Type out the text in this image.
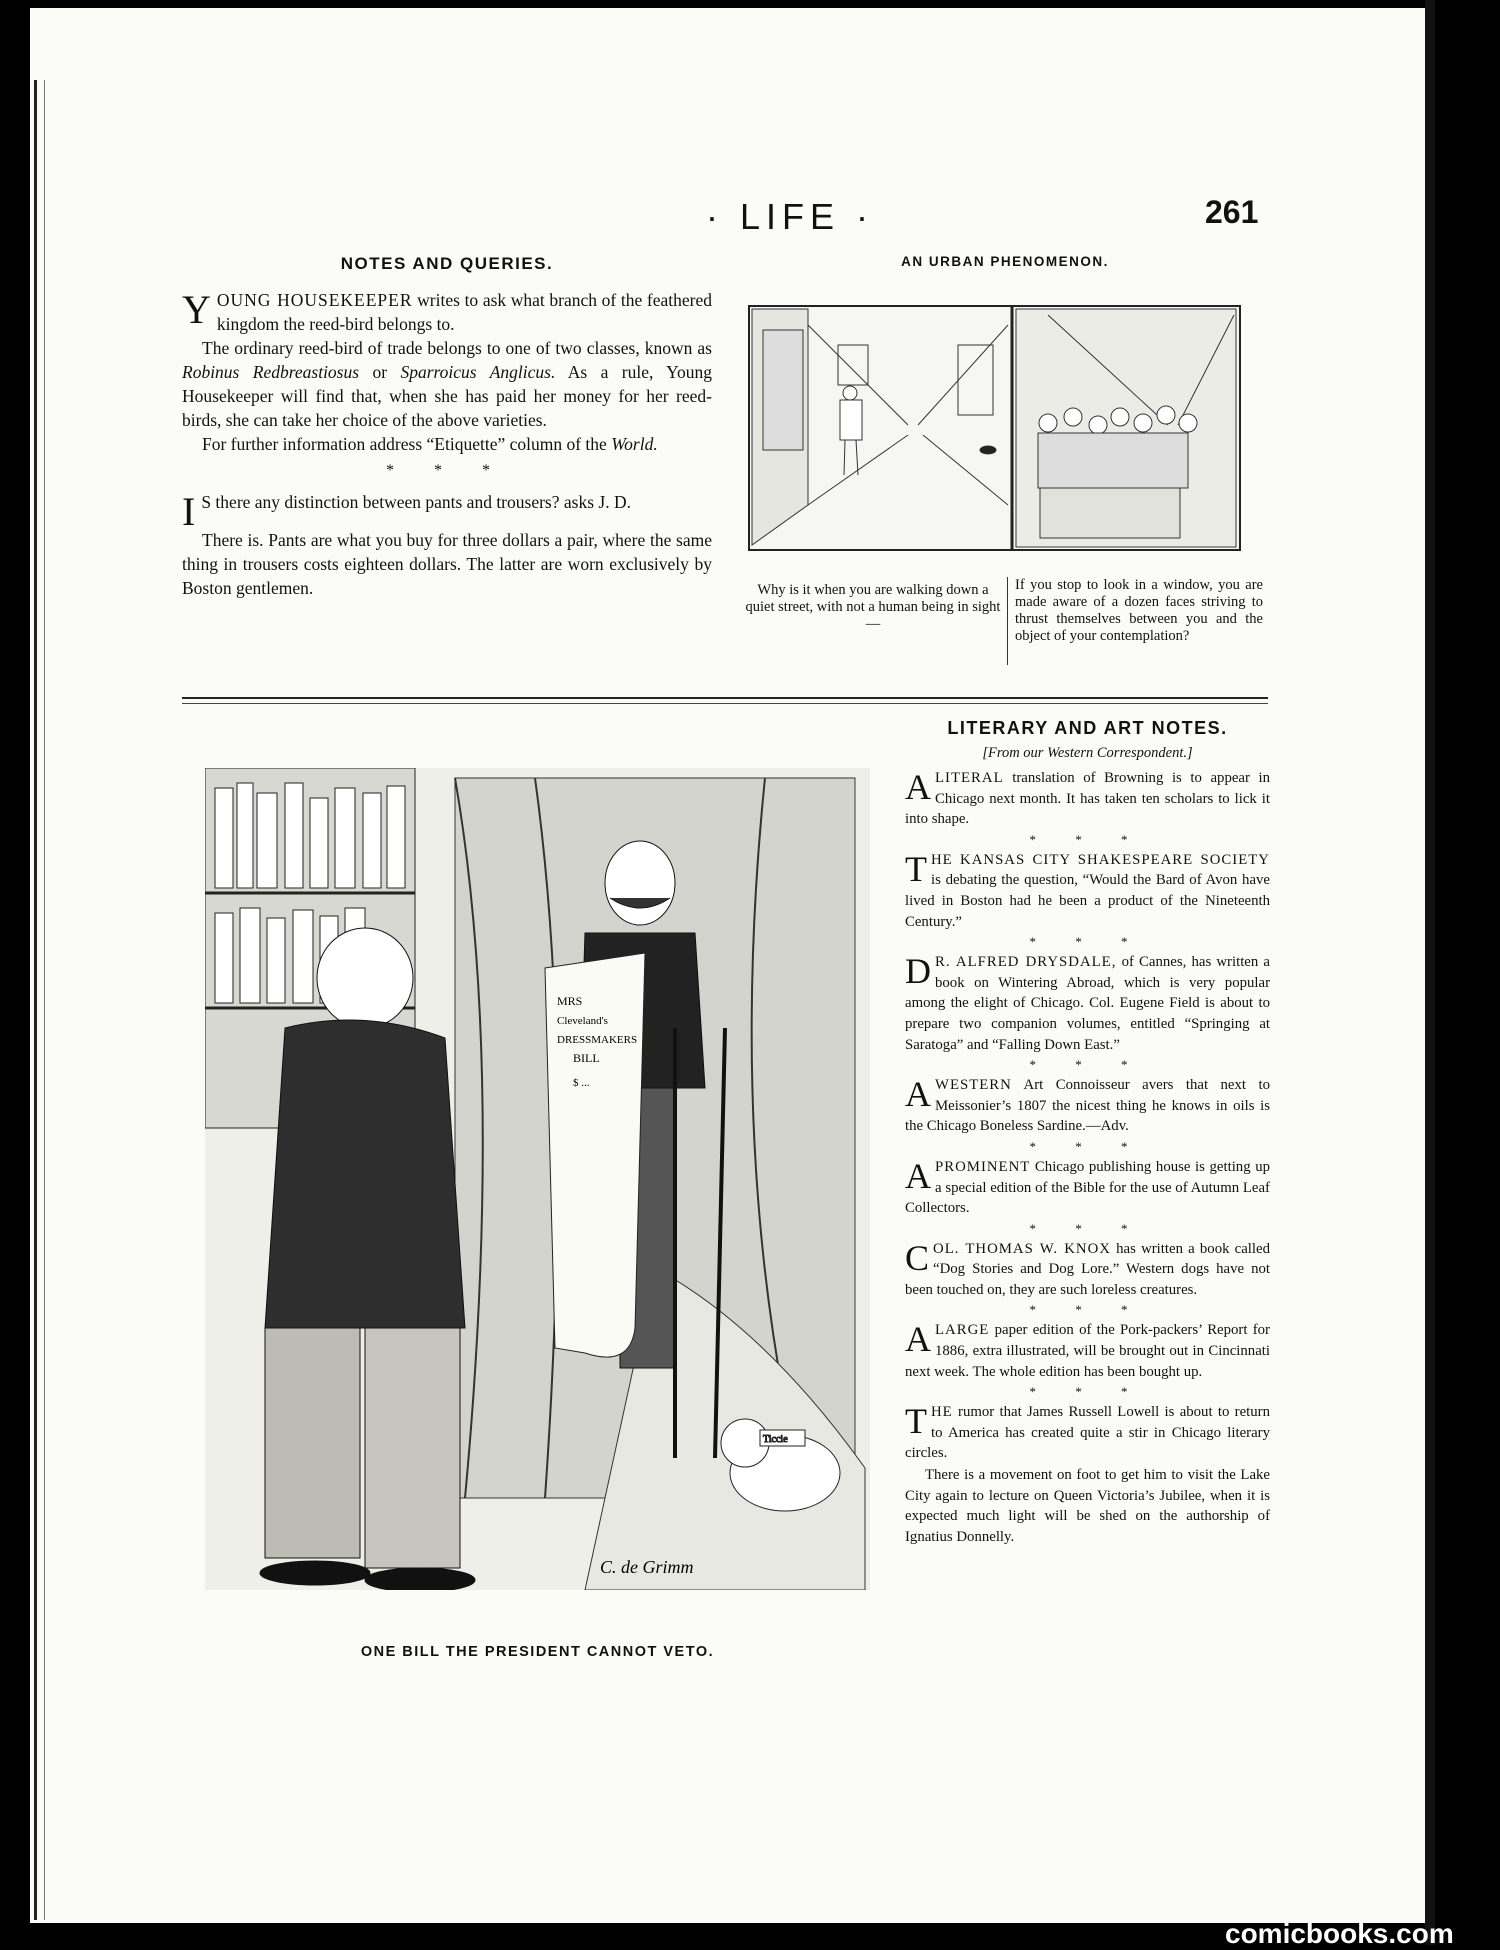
· LIFE ·	261
NOTES AND QUERIES.
YOUNG HOUSEKEEPER writes to ask what branch of the feathered kingdom the reed-bird belongs to.
The ordinary reed-bird of trade belongs to one of two classes, known as Robinus Redbreastiosus or Sparroicus Anglicus. As a rule, Young Housekeeper will find that, when she has paid her money for her reed-birds, she can take her choice of the above varieties.
For further information address “Etiquette” column of the World.
* * *
I S there any distinction between pants and trousers? asks J. D.
There is. Pants are what you buy for three dollars a pair, where the same thing in trousers costs eighteen dollars. The latter are worn exclusively by Boston gentlemen.
AN URBAN PHENOMENON.
Why is it when you are walking down a quiet street, with not a human being in sight—
If you stop to look in a window, you are made aware of a dozen faces striving to thrust themselves between you and the object of your contemplation?
MRS
Cleveland's
DRESSMAKERS
BILL
$ ...
Ticcie
C. de Grimm
ONE BILL THE PRESIDENT CANNOT VETO.
LITERARY AND ART NOTES.
[From our Western Correspondent.]
ALITERAL translation of Browning is to appear in Chicago next month. It has taken ten scholars to lick it into shape.
* * *
THE KANSAS CITY SHAKESPEARE SOCIETY is debating the question, “Would the Bard of Avon have lived in Boston had he been a product of the Nineteenth Century.”
* * *
D R. ALFRED DRYSDALE, of Cannes, has written a book on Wintering Abroad, which is very popular among the elight of Chicago. Col. Eugene Field is about to prepare two companion volumes, entitled “Springing at Saratoga” and “Falling Down East.”
* * *
AWESTERN Art Connoisseur avers that next to Meissonier’s 1807 the nicest thing he knows in oils is the Chicago Boneless Sardine.—Adv.
* * *
APROMINENT Chicago publishing house is getting up a special edition of the Bible for the use of Autumn Leaf Collectors.
* * *
COL. THOMAS W. KNOX has written a book called “Dog Stories and Dog Lore.” Western dogs have not been touched on, they are such loreless creatures.
* * *
ALARGE paper edition of the Pork-packers’ Report for 1886, extra illustrated, will be brought out in Cincinnati next week. The whole edition has been bought up.
* * *
THE rumor that James Russell Lowell is about to return to America has created quite a stir in Chicago literary circles.
There is a movement on foot to get him to visit the Lake City again to lecture on Queen Victoria’s Jubilee, when it is expected much light will be shed on the authorship of Ignatius Donnelly.
comicbooks.com
